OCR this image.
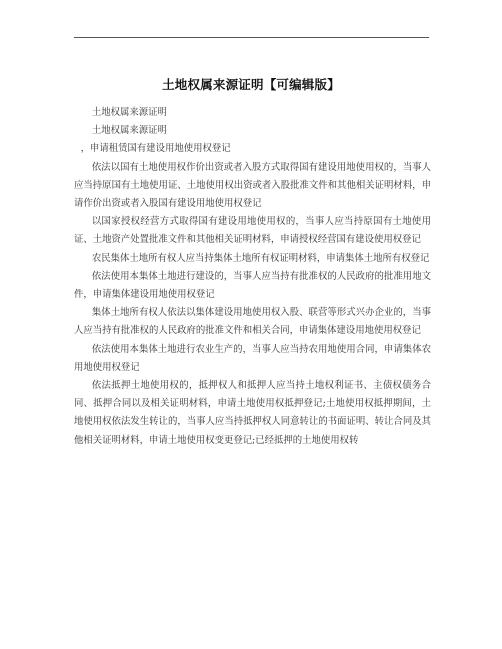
土地权属来源证明【可编辑版】

土地权属来源证明

土地权属来源证明

，申请租赁国有建设用地使用权登记

依法以国有土地使用权作价出资或者入股方式取得国有建设用地使用权的，当事人应当持原国有土地使用证、土地使用权出资或者入股批准文件和其他相关证明材料，申请作价出资或者入股国有建设用地使用权登记

以国家授权经营方式取得国有建设用地使用权的，当事人应当持原国有土地使用证、土地资产处置批准文件和其他相关证明材料，申请授权经营国有建设使用权登记

农民集体土地所有权人应当持集体土地所有权证明材料，申请集体土地所有权登记

依法使用本集体土地进行建设的，当事人应当持有批准权的人民政府的批准用地文件，申请集体建设用地使用权登记

集体土地所有权人依法以集体建设用地使用权入股、联营等形式兴办企业的，当事人应当持有批准权的人民政府的批准文件和相关合同，申请集体建设用地使用权登记

依法使用本集体土地进行农业生产的，当事人应当持农用地使用合同，申请集体农用地使用权登记

依法抵押土地使用权的，抵押权人和抵押人应当持土地权利证书、主债权债务合同、抵押合同以及相关证明材料，申请土地使用权抵押登记;土地使用权抵押期间，土地使用权依法发生转让的，当事人应当持抵押权人同意转让的书面证明、转让合同及其他相关证明材料，申请土地使用权变更登记;已经抵押的土地使用权转
